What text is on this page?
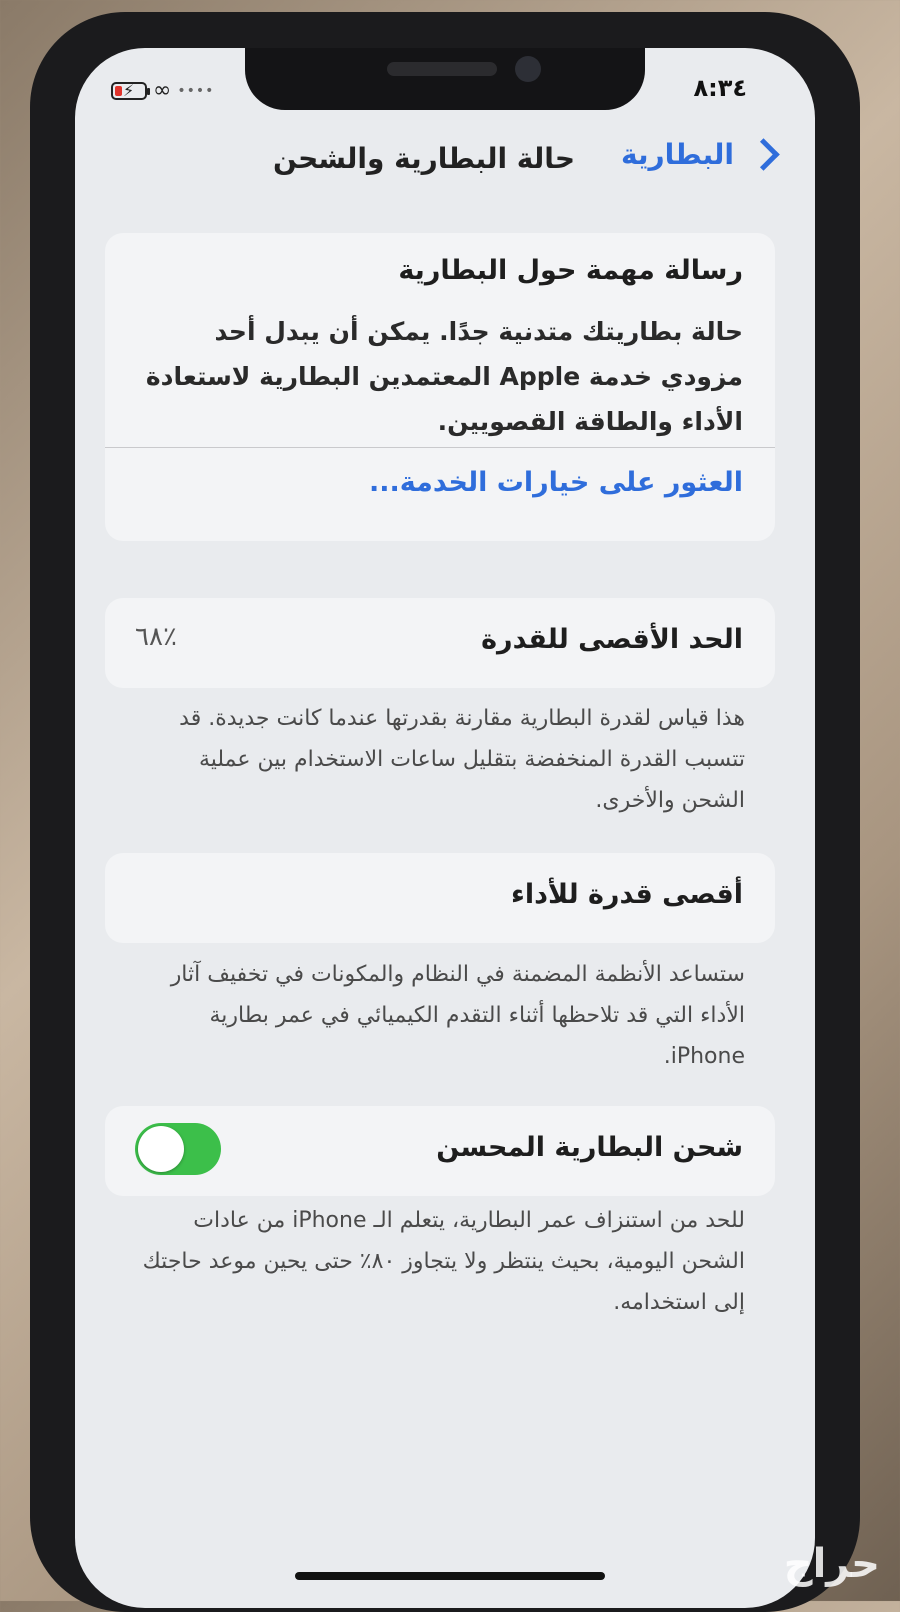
٨:٣٤
⚡ ∞ ••••
البطارية
حالة البطارية والشحن
رسالة مهمة حول البطارية
حالة بطاريتك متدنية جدًا. يمكن أن يبدل أحد مزودي خدمة Apple المعتمدين البطارية لاستعادة الأداء والطاقة القصويين.
العثور على خيارات الخدمة...
الحد الأقصى للقدرة
٪٦٨
هذا قياس لقدرة البطارية مقارنة بقدرتها عندما كانت جديدة. قد تتسبب القدرة المنخفضة بتقليل ساعات الاستخدام بين عملية الشحن والأخرى.
أقصى قدرة للأداء
ستساعد الأنظمة المضمنة في النظام والمكونات في تخفيف آثار الأداء التي قد تلاحظها أثناء التقدم الكيميائي في عمر بطارية iPhone.
شحن البطارية المحسن
للحد من استنزاف عمر البطارية، يتعلم الـ iPhone من عادات الشحن اليومية، بحيث ينتظر ولا يتجاوز ٨٠٪ حتى يحين موعد حاجتك إلى استخدامه.
حراج
